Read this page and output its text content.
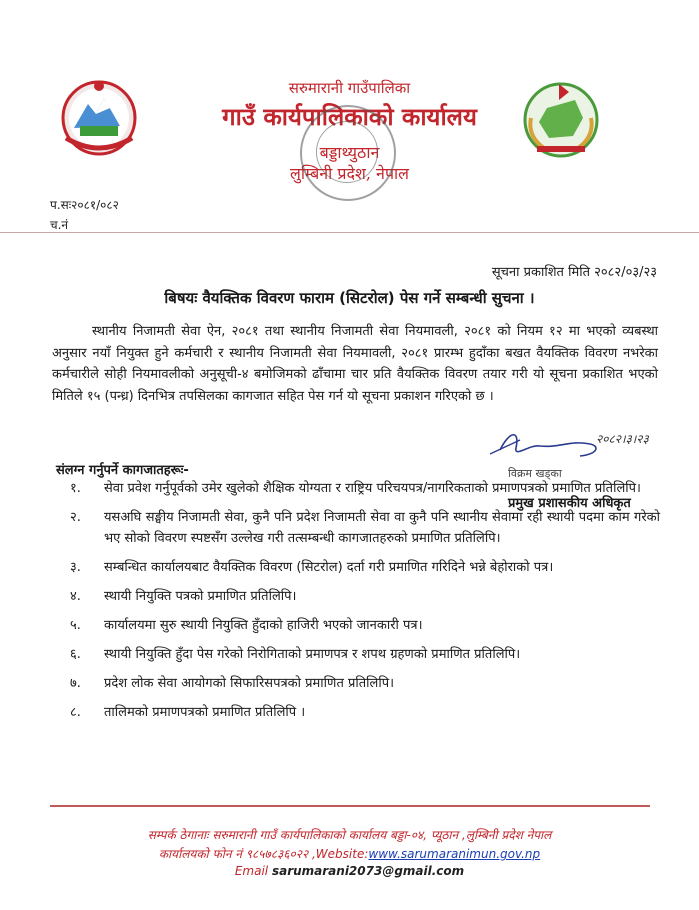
सरुमारानी गाउँपालिका
गाउँ कार्यपालिकाको कार्यालय
बड्डाथ्युठान
लुम्बिनी प्रदेश, नेपाल
प.सः२०८१/०८२
च.नं
सूचना प्रकाशित मिति २०८२/०३/२३
बिषयः वैयक्तिक विवरण फाराम (सिटरोल) पेस गर्ने सम्बन्धी सुचना ।
स्थानीय निजामती सेवा ऐन, २०८१ तथा स्थानीय निजामती सेवा नियमावली, २०८१ को नियम १२ मा भएको व्यबस्था अनुसार नयाँ नियुक्त हुने कर्मचारी र स्थानीय निजामती सेवा नियमावली, २०८१ प्रारम्भ हुदाँका बखत वैयक्तिक विवरण नभरेका कर्मचारीले सोही नियमावलीको अनुसूची-४ बमोजिमको ढाँचामा चार प्रति वैयक्तिक विवरण तयार गरी यो सूचना प्रकाशित भएको मितिले १५ (पन्ध्र) दिनभित्र तपसिलका कागजात सहित पेस गर्न यो सूचना प्रकाशन गरिएको छ ।
२०८२।३।२३
विक्रम खड्का
प्रमुख प्रशासकीय अधिकृत
संलग्न गर्नुपर्ने कागजातहरूः-
१. सेवा प्रवेश गर्नुपूर्वको उमेर खुलेको शैक्षिक योग्यता र राष्ट्रिय परिचयपत्र/नागरिकताको प्रमाणपत्रको प्रमाणित प्रतिलिपि।
२. यसअघि सङ्घीय निजामती सेवा, कुनै पनि प्रदेश निजामती सेवा वा कुनै पनि स्थानीय सेवामा रही स्थायी पदमा काम गरेको भए सोको विवरण स्पष्टसँग उल्लेख गरी तत्सम्बन्धी कागजातहरुको प्रमाणित प्रतिलिपि।
३. सम्बन्धित कार्यालयबाट वैयक्तिक विवरण (सिटरोल) दर्ता गरी प्रमाणित गरिदिने भन्ने बेहोराको पत्र।
४. स्थायी नियुक्ति पत्रको प्रमाणित प्रतिलिपि।
५. कार्यालयमा सुरु स्थायी नियुक्ति हुँदाको हाजिरी भएको जानकारी पत्र।
६. स्थायी नियुक्ति हुँदा पेस गरेको निरोगिताको प्रमाणपत्र र शपथ ग्रहणको प्रमाणित प्रतिलिपि।
७. प्रदेश लोक सेवा आयोगको सिफारिसपत्रको प्रमाणित प्रतिलिपि।
८. तालिमको प्रमाणपत्रको प्रमाणित प्रतिलिपि ।
सम्पर्क ठेगानाः सरुमारानी गाउँ कार्यपालिकाको कार्यालय बड्डा-०४, प्यूठान ,लुम्बिनी प्रदेश नेपाल
कार्यालयको फोन नं ९८५७८३६०२२ ,Website:www.sarumaranimun.gov.np
Email sarumarani2073@gmail.com
